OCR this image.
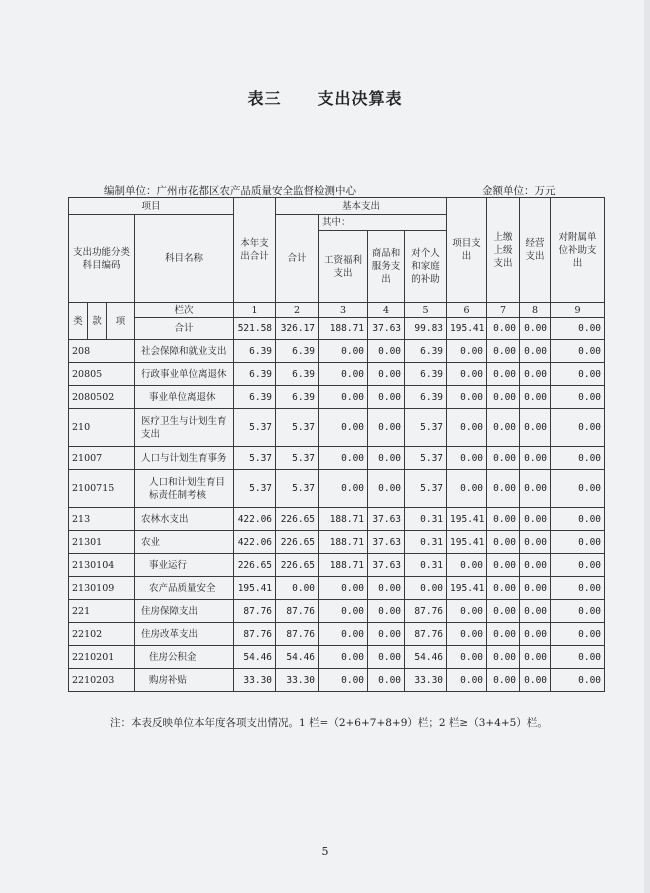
表三 支出决算表
编制单位：广州市花都区农产品质量安全监督检测中心	金额单位：万元
项目				本年支出合计	基本支出				项目支出	上缴上级支出	经营支出	对附属单位补助支出
支出功能分类科目编码			科目名称		合计	其中：						
						工资福利支出	商品和服务支出	对个人和家庭的补助				

类	款	项	栏次	1	2	3	4	5	6	7	8	9
			合计	521.58	326.17	188.71	37.63	99.83	195.41	0.00	0.00	0.00
208			社会保障和就业支出	6.39	6.39	0.00	0.00	6.39	0.00	0.00	0.00	0.00
20805			行政事业单位离退休	6.39	6.39	0.00	0.00	6.39	0.00	0.00	0.00	0.00
2080502			事业单位离退休	6.39	6.39	0.00	0.00	6.39	0.00	0.00	0.00	0.00
210			医疗卫生与计划生育支出	5.37	5.37	0.00	0.00	5.37	0.00	0.00	0.00	0.00
21007			人口与计划生育事务	5.37	5.37	0.00	0.00	5.37	0.00	0.00	0.00	0.00
2100715			人口和计划生育目标责任制考核	5.37	5.37	0.00	0.00	5.37	0.00	0.00	0.00	0.00
213			农林水支出	422.06	226.65	188.71	37.63	0.31	195.41	0.00	0.00	0.00
21301			农业	422.06	226.65	188.71	37.63	0.31	195.41	0.00	0.00	0.00
2130104			事业运行	226.65	226.65	188.71	37.63	0.31	0.00	0.00	0.00	0.00
2130109			农产品质量安全	195.41	0.00	0.00	0.00	0.00	195.41	0.00	0.00	0.00
221			住房保障支出	87.76	87.76	0.00	0.00	87.76	0.00	0.00	0.00	0.00
22102			住房改革支出	87.76	87.76	0.00	0.00	87.76	0.00	0.00	0.00	0.00
2210201			住房公积金	54.46	54.46	0.00	0.00	54.46	0.00	0.00	0.00	0.00
2210203			购房补贴	33.30	33.30	0.00	0.00	33.30	0.00	0.00	0.00	0.00
注：本表反映单位本年度各项支出情况。1 栏=（2+6+7+8+9）栏；2 栏≥（3+4+5）栏。
5
